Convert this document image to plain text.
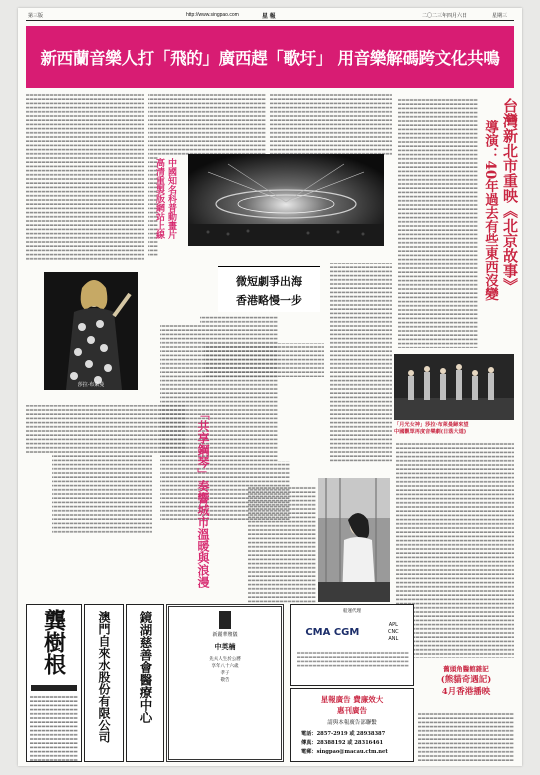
第三版	http://www.singpao.com	星 報	二〇二三年四月六日	星期三
新西蘭音樂人打「飛的」廣西趕「歌圩」 用音樂解碼跨文化共鳴

中國知名科普動畫片
高清重製版網站上線
莎拉·布萊曼
微短劇爭出海
香港略慢一步
「共享鋼琴」奏響城市溫暖與浪漫
台灣新北市重映《北京故事》
導演：40年過去有些東西沒變
「月光女神」莎拉·布萊曼歸來望
中國觀眾再度音樂劇(日落大道)
龔樹根	澳門自來水股份有限公司 鏡湖慈善會醫療中心	新麗華殯儀
中英楠
先夫人生於公曆
享年八十六歲
孝子
敬告
船運代理
CMA CGM
APL
CNC
ANL
星報廣告 費廉效大
惠刊廣告
請與本報廣告部聯繫
電話：2857-2919 或 28938387
傳真：28388192 或 28316461
電郵：singpao@macau.ctm.net
舊頭角醫館雜記
(熊貓奇遇記)
4月香港播映
